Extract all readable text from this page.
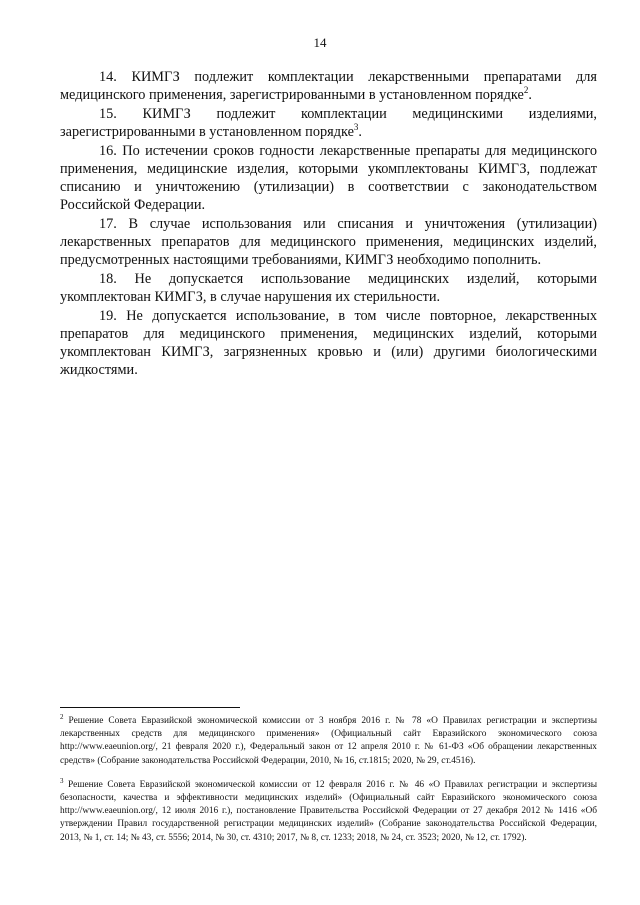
14

14. КИМГЗ подлежит комплектации лекарственными препаратами для медицинского применения, зарегистрированными в установленном порядке$^2$.

15. КИМГЗ подлежит комплектации медицинскими изделиями, зарегистрированными в установленном порядке$^3$.

16. По истечении сроков годности лекарственные препараты для медицинского применения, медицинские изделия, которыми укомплектованы КИМГЗ, подлежат списанию и уничтожению (утилизации) в соответствии с законодательством Российской Федерации.

17. В случае использования или списания и уничтожения (утилизации) лекарственных препаратов для медицинского применения, медицинских изделий, предусмотренных настоящими требованиями, КИМГЗ необходимо пополнить.

18. Не допускается использование медицинских изделий, которыми укомплектован КИМГЗ, в случае нарушения их стерильности.

19. Не допускается использование, в том числе повторное, лекарственных препаратов для медицинского применения, медицинских изделий, которыми укомплектован КИМГЗ, загрязненных кровью и (или) другими биологическими жидкостями.

$^2$ Решение Совета Евразийской экономической комиссии от 3 ноября 2016 г. № 78 «О Правилах регистрации и экспертизы лекарственных средств для медицинского применения» (Официальный сайт Евразийского экономического союза http://www.eaeunion.org/, 21 февраля 2020 г.), Федеральный закон от 12 апреля 2010 г. № 61-ФЗ «Об обращении лекарственных средств» (Собрание законодательства Российской Федерации, 2010, № 16, ст.1815; 2020, № 29, ст.4516).

$^3$ Решение Совета Евразийской экономической комиссии от 12 февраля 2016 г. № 46 «О Правилах регистрации и экспертизы безопасности, качества и эффективности медицинских изделий» (Официальный сайт Евразийского экономического союза http://www.eaeunion.org/, 12 июля 2016 г.), постановление Правительства Российской Федерации от 27 декабря 2012 № 1416 «Об утверждении Правил государственной регистрации медицинских изделий» (Собрание законодательства Российской Федерации, 2013, № 1, ст. 14; № 43, ст. 5556; 2014, № 30, ст. 4310; 2017, № 8, ст. 1233; 2018, № 24, ст. 3523; 2020, № 12, ст. 1792).
